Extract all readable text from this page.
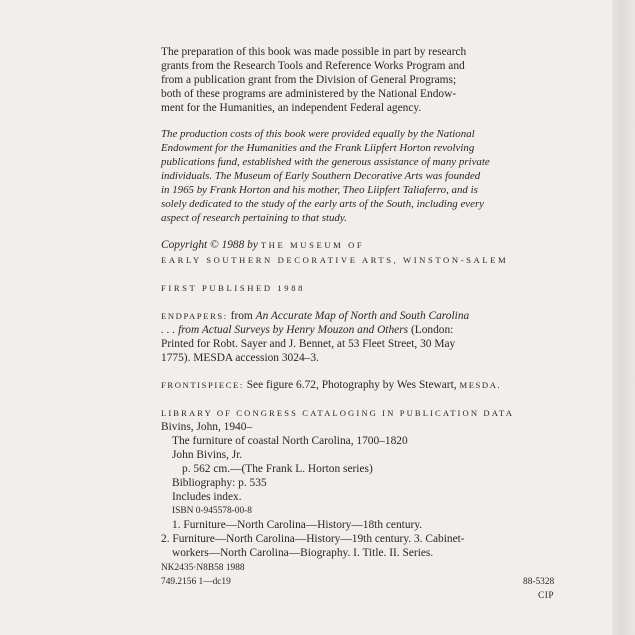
The preparation of this book was made possible in part by research
grants from the Research Tools and Reference Works Program and
from a publication grant from the Division of General Programs;
both of these programs are administered by the National Endow-
ment for the Humanities, an independent Federal agency.
The production costs of this book were provided equally by the National
Endowment for the Humanities and the Frank Liipfert Horton revolving
publications fund, established with the generous assistance of many private
individuals. The Museum of Early Southern Decorative Arts was founded
in 1965 by Frank Horton and his mother, Theo Liipfert Taliaferro, and is
solely dedicated to the study of the early arts of the South, including every
aspect of research pertaining to that study.
Copyright © 1988 by THE MUSEUM OF
EARLY SOUTHERN DECORATIVE ARTS, WINSTON-SALEM
FIRST PUBLISHED 1988
ENDPAPERS: from An Accurate Map of North and South Carolina
. . . from Actual Surveys by Henry Mouzon and Others (London:
Printed for Robt. Sayer and J. Bennet, at 53 Fleet Street, 30 May
1775). MESDA accession 3024–3.
FRONTISPIECE: See figure 6.72, Photography by Wes Stewart, MESDA.
LIBRARY OF CONGRESS CATALOGING IN PUBLICATION DATA
Bivins, John, 1940–
The furniture of coastal North Carolina, 1700–1820
John Bivins, Jr.
p. 562 cm.—(The Frank L. Horton series)
Bibliography: p. 535
Includes index.
ISBN 0-945578-00-8
1. Furniture—North Carolina—History—18th century.
2. Furniture—North Carolina—History—19th century. 3. Cabinet-
workers—North Carolina—Biography. I. Title. II. Series.
NK2435·N8B58 1988
749.2156 1—dc19	88-5328
CIP
